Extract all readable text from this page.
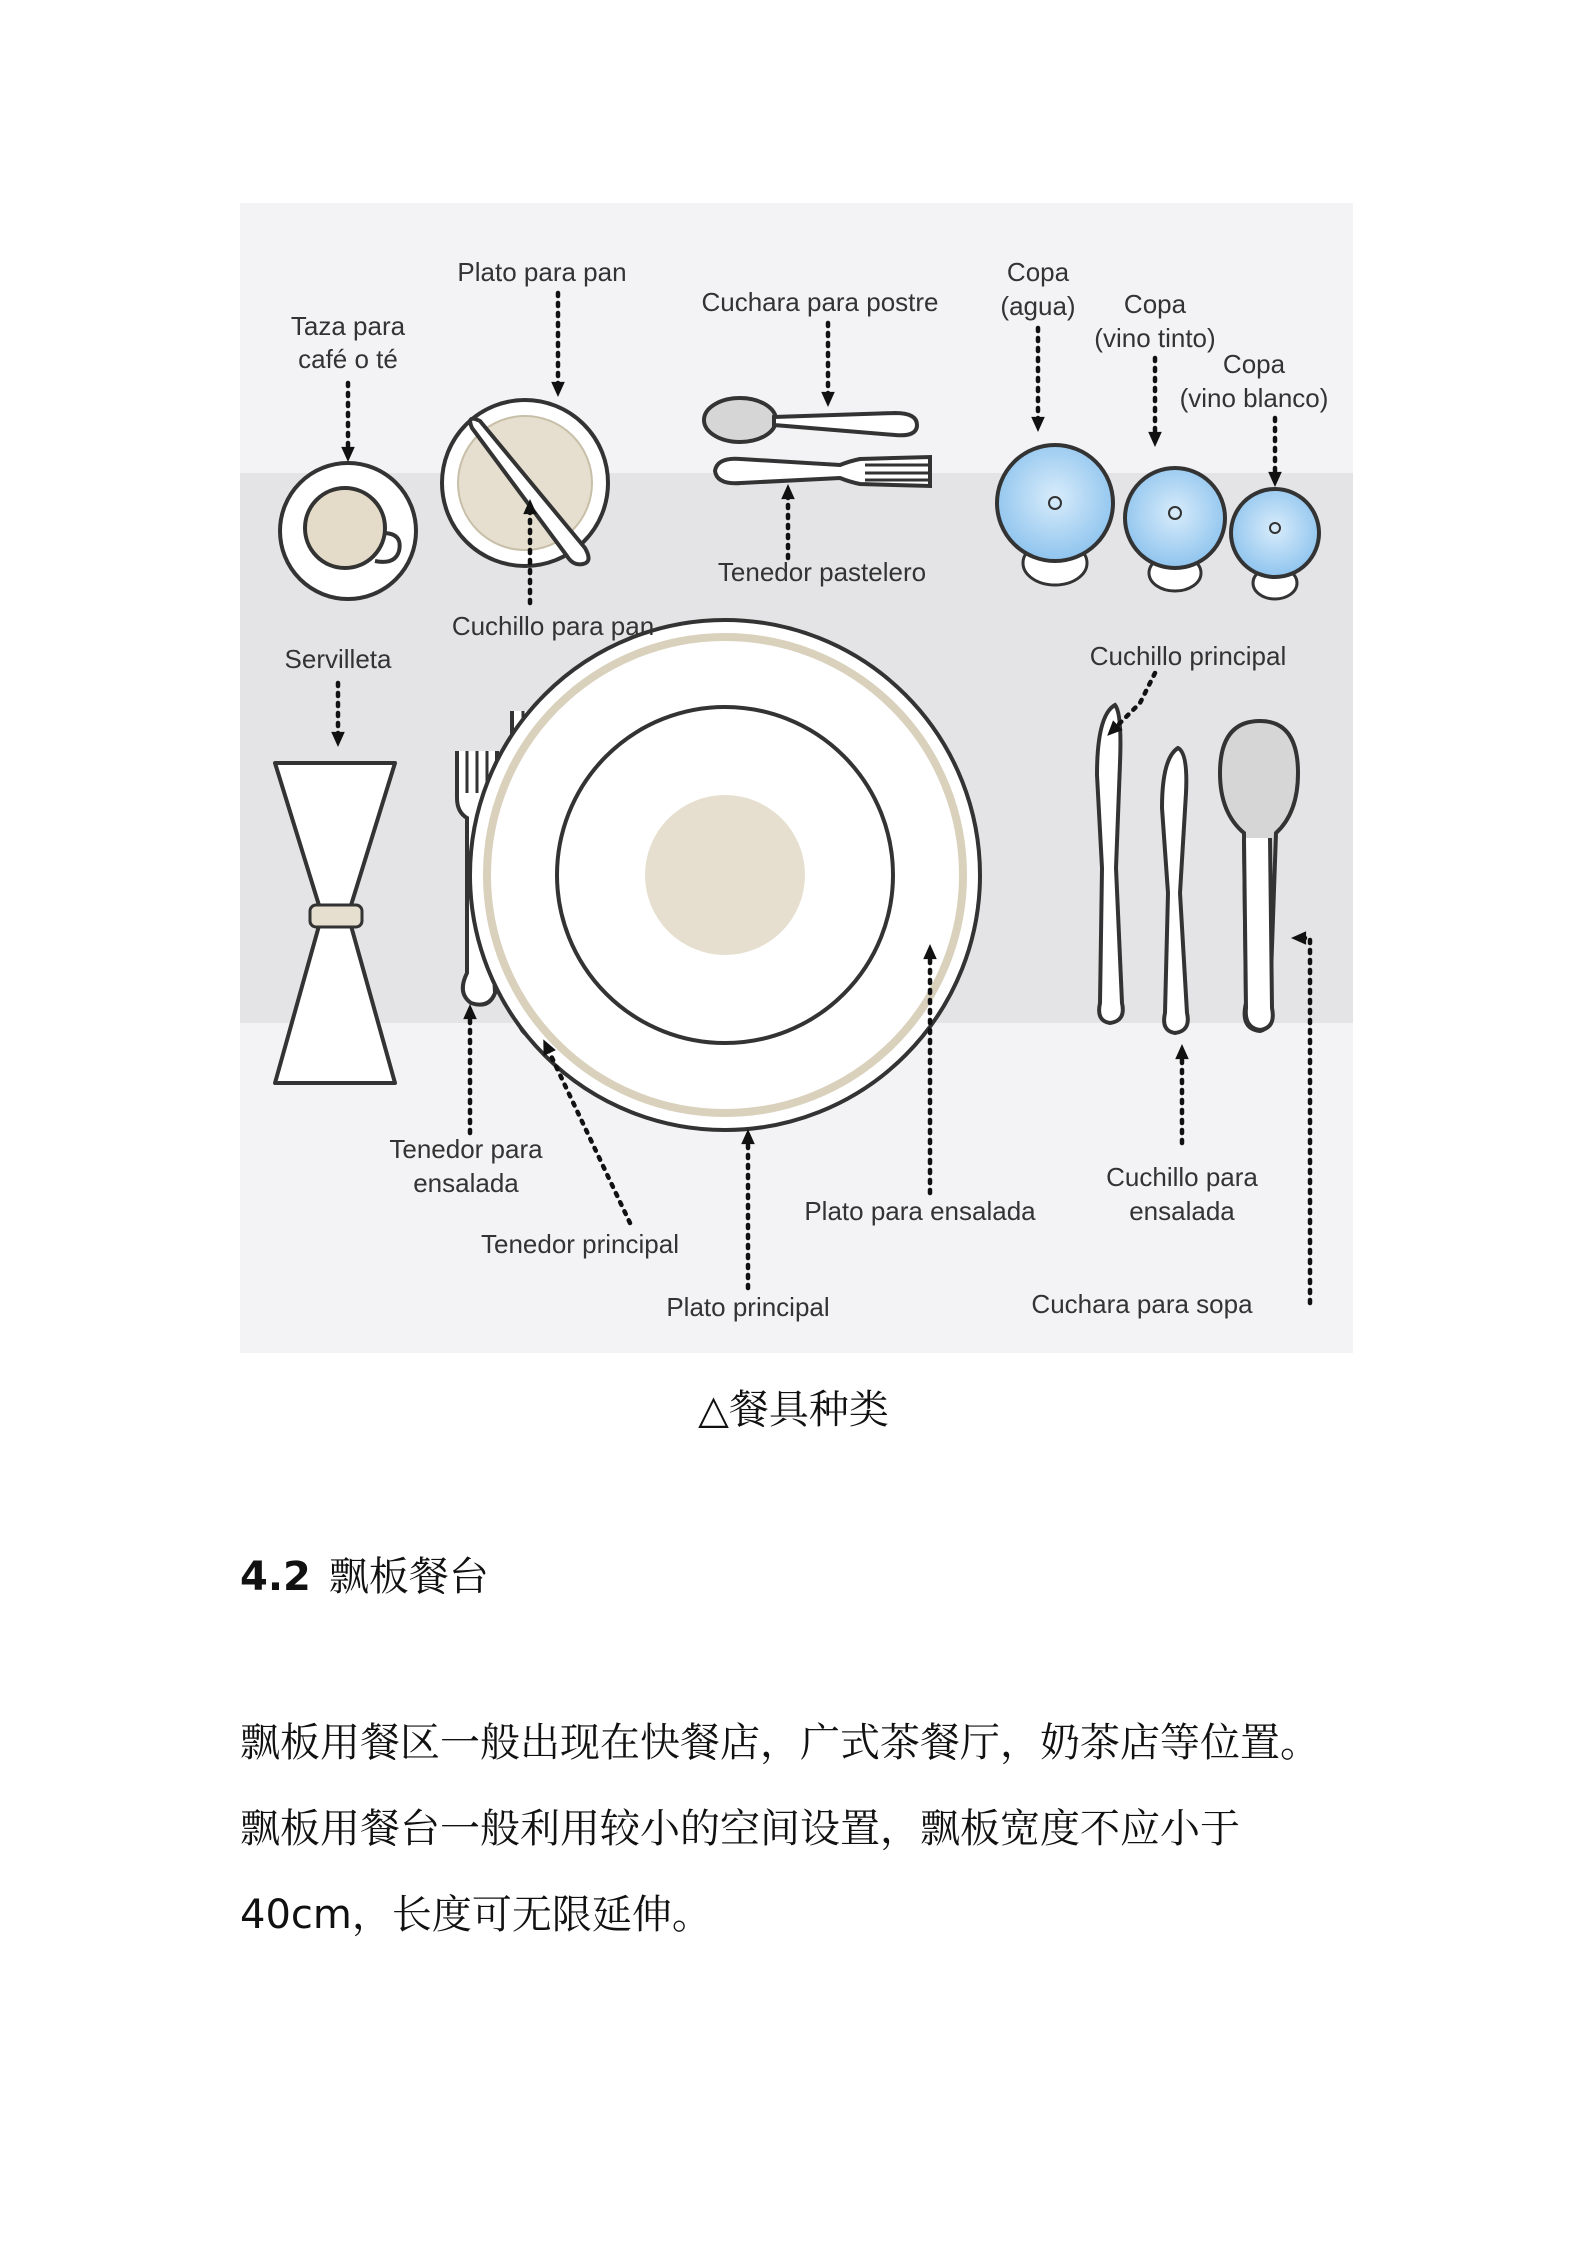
Taza para
café o té
Plato para pan
Cuchara para postre
Copa
(agua) Copa
(vino tinto)
Copa
(vino blanco)
Cuchillo para pan
Tenedor pastelero
Servilleta	Cuchillo principal
Tenedor para
ensalada
Tenedor principal
Plato principal
Plato para ensalada
Cuchillo para
ensalada
Cuchara para sopa
△餐具种类
4.2 飘板餐台

飘板用餐区一般出现在快餐店，广式茶餐厅，奶茶店等位置。

飘板用餐台一般利用较小的空间设置，飘板宽度不应小于

40cm，长度可无限延伸。
